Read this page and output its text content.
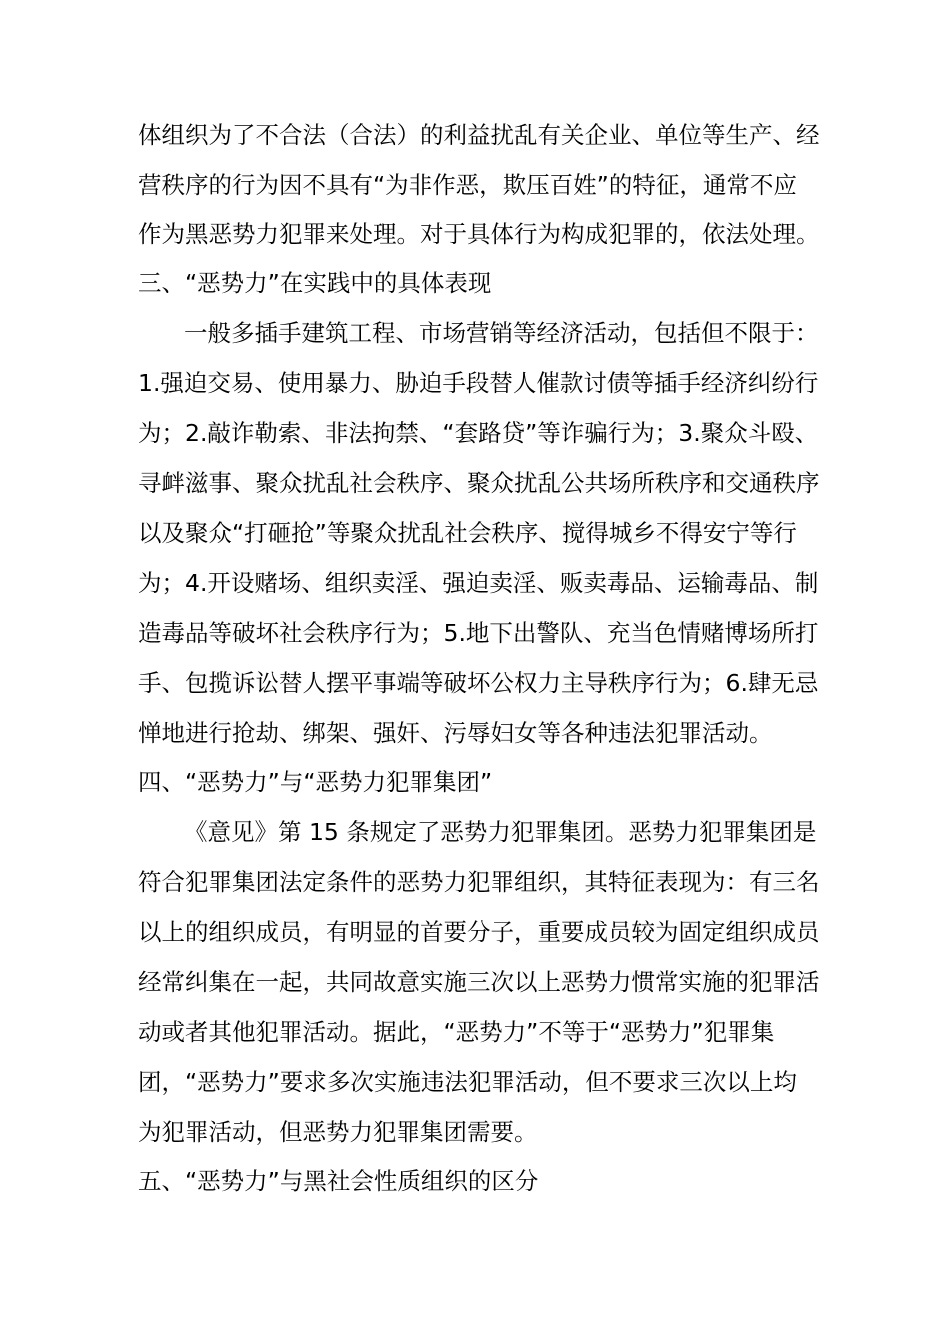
体组织为了不合法（合法）的利益扰乱有关企业、单位等生产、经
营秩序的行为因不具有“为非作恶，欺压百姓”的特征，通常不应
作为黑恶势力犯罪来处理。对于具体行为构成犯罪的，依法处理。
三、“恶势力”在实践中的具体表现
一般多插手建筑工程、市场营销等经济活动，包括但不限于：
1.强迫交易、使用暴力、胁迫手段替人催款讨债等插手经济纠纷行
为；2.敲诈勒索、非法拘禁、“套路贷”等诈骗行为；3.聚众斗殴、
寻衅滋事、聚众扰乱社会秩序、聚众扰乱公共场所秩序和交通秩序
以及聚众“打砸抢”等聚众扰乱社会秩序、搅得城乡不得安宁等行
为；4.开设赌场、组织卖淫、强迫卖淫、贩卖毒品、运输毒品、制
造毒品等破坏社会秩序行为；5.地下出警队、充当色情赌博场所打
手、包揽诉讼替人摆平事端等破坏公权力主导秩序行为；6.肆无忌
惮地进行抢劫、绑架、强奸、污辱妇女等各种违法犯罪活动。
四、“恶势力”与“恶势力犯罪集团”
《意见》第 15 条规定了恶势力犯罪集团。恶势力犯罪集团是
符合犯罪集团法定条件的恶势力犯罪组织，其特征表现为：有三名
以上的组织成员，有明显的首要分子，重要成员较为固定组织成员
经常纠集在一起，共同故意实施三次以上恶势力惯常实施的犯罪活
动或者其他犯罪活动。据此，“恶势力”不等于“恶势力”犯罪集
团，“恶势力”要求多次实施违法犯罪活动，但不要求三次以上均
为犯罪活动，但恶势力犯罪集团需要。
五、“恶势力”与黑社会性质组织的区分
